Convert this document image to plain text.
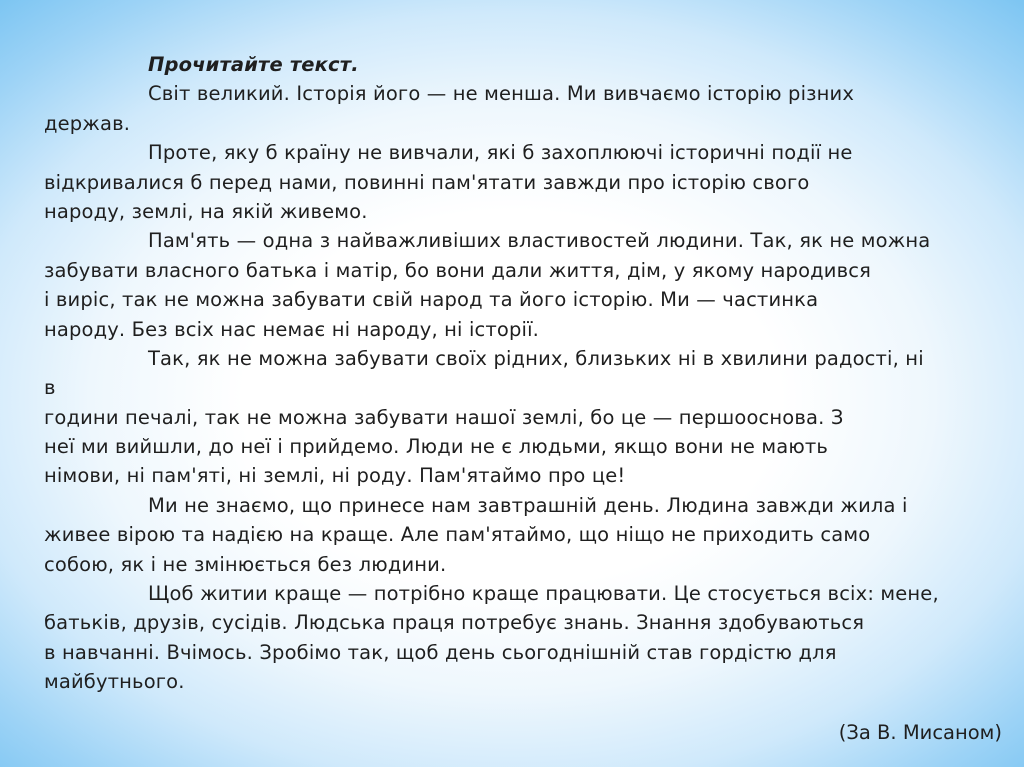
Прочитайте текст.
Світ великий. Історія його — не менша. Ми вивчаємо історію різних
держав.
Проте, яку б країну не вивчали, які б захоплюючі історичні події не
відкривалися б перед нами, повинні пам'ятати завжди про історію свого
народу, землі, на якій живемо.
Пам'ять — одна з найважливіших властивостей людини. Так, як не можна
забувати власного батька і матір, бо вони дали життя, дім, у якому народився
і виріс, так не можна забувати свій народ та його історію. Ми — частинка
народу. Без всіх нас немає ні народу, ні історії.
Так, як не можна забувати своїх рідних, близьких ні в хвилини радості, ні
в
години печалі, так не можна забувати нашої землі, бо це — першооснова. З
неї ми вийшли, до неї і прийдемо. Люди не є людьми, якщо вони не мають
німови, ні пам'яті, ні землі, ні роду. Пам'ятаймо про це!
Ми не знаємо, що принесе нам завтрашній день. Людина завжди жила і
живее вірою та надією на краще. Але пам'ятаймо, що ніщо не приходить само
собою, як і не змінюється без людини.
Щоб житии краще — потрібно краще працювати. Це стосується всіх: мене,
батьків, друзів, сусідів. Людська праця потребує знань. Знання здобуваються
в навчанні. Вчімось. Зробімо так, щоб день сьогоднішній став гордістю для
майбутнього.
(За В. Мисаном)
